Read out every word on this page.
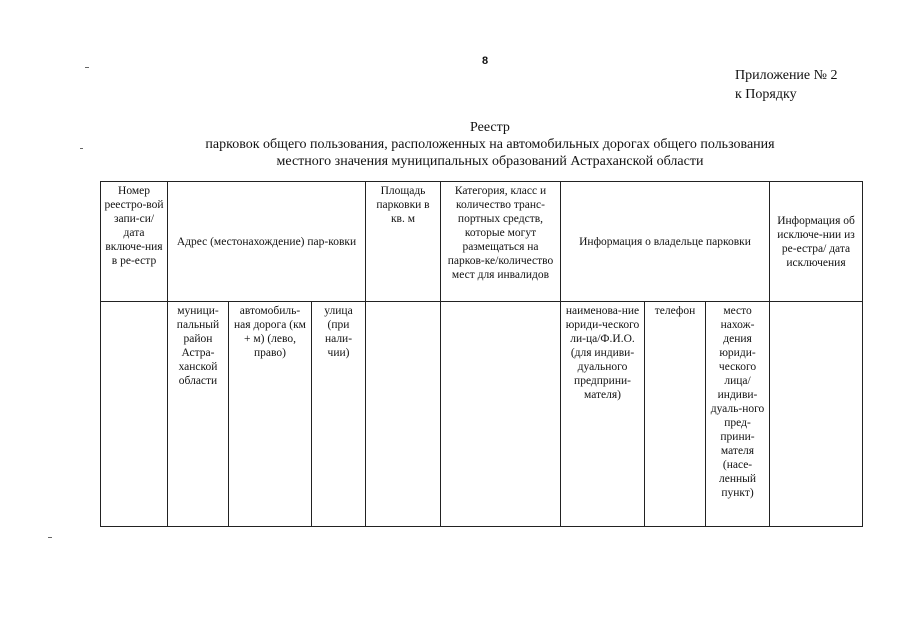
8
Приложение № 2
к Порядку
Реестр
парковок общего пользования, расположенных на автомобильных дорогах общего пользования
местного значения муниципальных образований Астраханской области
Номер реестро-вой запи-си/дата включе-ния в ре-естр	Адрес (местонахождение) пар-ковки			Площадь парковки в кв. м	Категория, класс и количество транс-портных средств, которые могут размещаться на парков-ке/количество мест для инвалидов	Информация о владельце парковки			Информация об исключе-нии из ре-естра/ дата исключения
	муници-пальный район Астра-ханской области	автомобиль-ная дорога (км + м) (лево, право)	улица (при нали-чии)			наименова-ние юриди-ческого ли-ца/Ф.И.О. (для индиви-дуального предприни-мателя)	телефон	место нахож-дения юриди-ческого лица/ индиви-дуаль-ного пред-прини-мателя (насе-ленный пункт)	
